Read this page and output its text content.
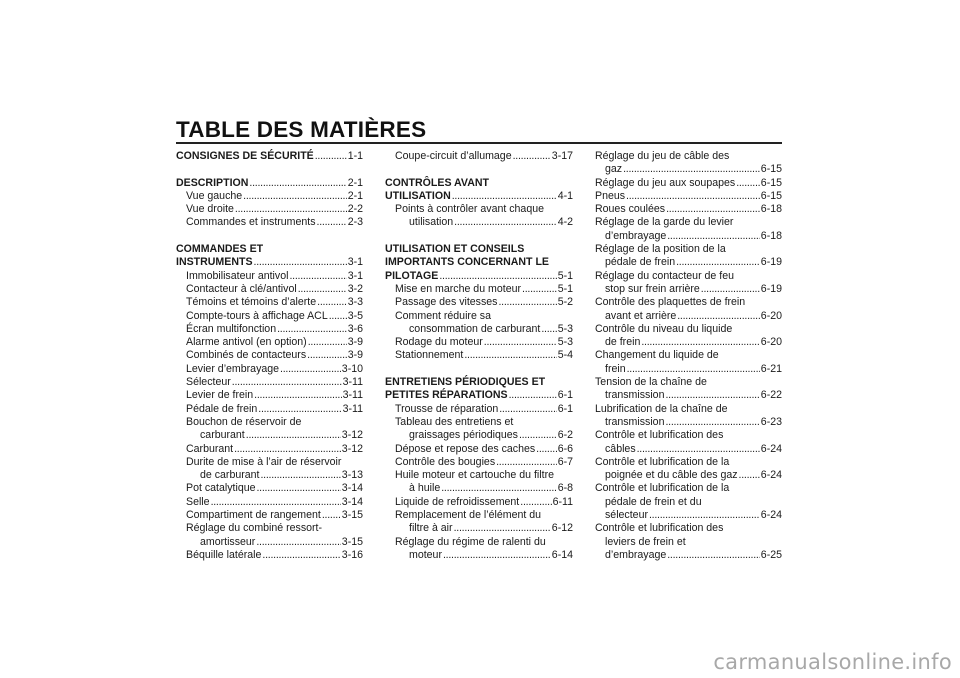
TABLE DES MATIÈRES
CONSIGNES DE SÉCURITÉ . . .	1-1
DESCRIPTION . . .	2-1
Vue gauche . . .	2-1
Vue droite . . .	2-2
Commandes et instruments . . .	2-3
COMMANDES ET
INSTRUMENTS . . .	3-1
Immobilisateur antivol . . .	3-1
Contacteur à clé/antivol . . .	3-2
Témoins et témoins d’alerte . . .	3-3
Compte-tours à affichage ACL . . . 3-5
Écran multifonction . . .	3-6
Alarme antivol (en option) . . .	3-9
Combinés de contacteurs . . .	3-9
Levier d’embrayage . . .	3-10
Sélecteur . . .	3-11
Levier de frein . . .	3-11
Pédale de frein . . .	3-11
Bouchon de réservoir de
carburant . . .	3-12
Carburant . . .	3-12
Durite de mise à l’air de réservoir
de carburant . . .	3-13
Pot catalytique . . .	3-14
Selle . . .	3-14
Compartiment de rangement . . . 3-15
Réglage du combiné ressort-
amortisseur . . .	3-15
Béquille latérale . . .	3-16
Coupe-circuit d’allumage . . .	3-17
CONTRÔLES AVANT
UTILISATION . . .	4-1
Points à contrôler avant chaque
utilisation . . .	4-2
UTILISATION ET CONSEILS
IMPORTANTS CONCERNANT LE
PILOTAGE . . .	5-1
Mise en marche du moteur . . .	5-1
Passage des vitesses . . .	5-2
Comment réduire sa
consommation de carburant . . . 5-3
Rodage du moteur . . .	5-3
Stationnement . . .	5-4
ENTRETIENS PÉRIODIQUES ET
PETITES RÉPARATIONS . . .	6-1
Trousse de réparation . . .	6-1
Tableau des entretiens et
graissages périodiques . . .	6-2
Dépose et repose des caches . . . 6-6
Contrôle des bougies . . .	6-7
Huile moteur et cartouche du filtre
à huile . . .	6-8
Liquide de refroidissement . . .	6-11
Remplacement de l’élément du
filtre à air . . .	6-12
Réglage du régime de ralenti du
moteur . . .	6-14
Réglage du jeu de câble des
gaz . . .	6-15
Réglage du jeu aux soupapes . . . 6-15
Pneus . . .	6-15
Roues coulées . . .	6-18
Réglage de la garde du levier
d’embrayage . . .	6-18
Réglage de la position de la
pédale de frein . . .	6-19
Réglage du contacteur de feu
stop sur frein arrière . . .	6-19
Contrôle des plaquettes de frein
avant et arrière . . .	6-20
Contrôle du niveau du liquide
de frein . . .	6-20
Changement du liquide de
frein . . .	6-21
Tension de la chaîne de
transmission . . .	6-22
Lubrification de la chaîne de
transmission . . .	6-23
Contrôle et lubrification des
câbles . . .	6-24
Contrôle et lubrification de la
poignée et du câble des gaz . . . 6-24
Contrôle et lubrification de la
pédale de frein et du
sélecteur . . .	6-24
Contrôle et lubrification des
leviers de frein et
d’embrayage . . .	6-25
carmanualsonline.info
